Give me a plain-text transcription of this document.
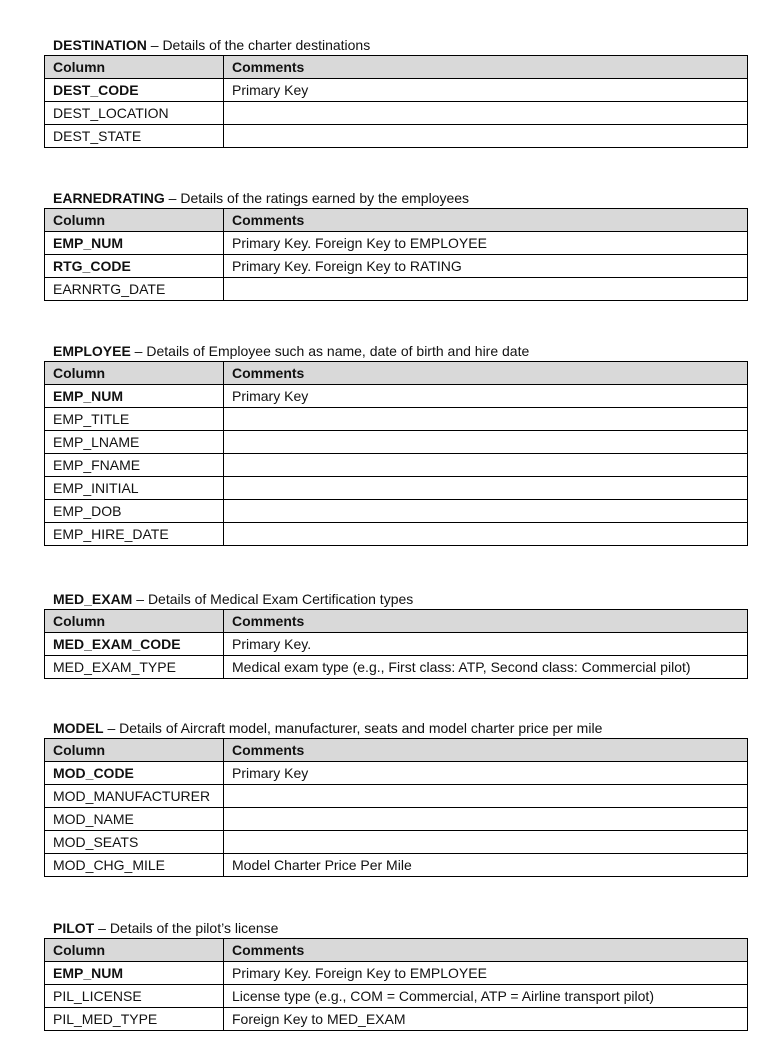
DESTINATION – Details of the charter destinations
Column	Comments
DEST_CODE	Primary Key
DEST_LOCATION	
DEST_STATE	
EARNEDRATING – Details of the ratings earned by the employees
Column	Comments
EMP_NUM	Primary Key. Foreign Key to EMPLOYEE
RTG_CODE	Primary Key. Foreign Key to RATING
EARNRTG_DATE	
EMPLOYEE – Details of Employee such as name, date of birth and hire date
Column	Comments
EMP_NUM	Primary Key
EMP_TITLE	
EMP_LNAME	
EMP_FNAME	
EMP_INITIAL	
EMP_DOB	
EMP_HIRE_DATE	
MED_EXAM – Details of Medical Exam Certification types
Column	Comments
MED_EXAM_CODE	Primary Key.
MED_EXAM_TYPE	Medical exam type (e.g., First class: ATP, Second class: Commercial pilot)
MODEL – Details of Aircraft model, manufacturer, seats and model charter price per mile
Column	Comments
MOD_CODE	Primary Key
MOD_MANUFACTURER	
MOD_NAME	
MOD_SEATS	
MOD_CHG_MILE	Model Charter Price Per Mile
PILOT – Details of the pilot’s license
Column	Comments
EMP_NUM	Primary Key. Foreign Key to EMPLOYEE
PIL_LICENSE	License type (e.g., COM = Commercial, ATP = Airline transport pilot)
PIL_MED_TYPE	Foreign Key to MED_EXAM
